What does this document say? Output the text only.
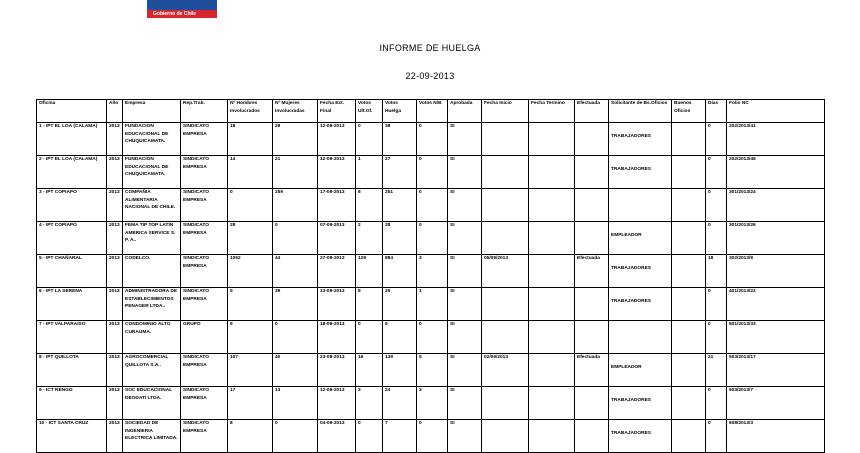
Gobierno de Chile
INFORME DE HUELGA
22-09-2013
Oficina	Año	Empresa	Rep.Trab.	Nº Hombres Involucrados	Nº Mujeres Involucradas	Fecha Ext. Final	Votos Ult.Of.	Votos Huelga	Votos N/B	Aprobada	Fecha Inicio	Fecha Termino	Efectuada	Solicitante de Bs.Oficios	Buenos Oficios	Días	Folio NC
1 - IPT EL LOA (CALAMA)	2013	FUNDACION EDUCACIONAL DE CHUQUICAMATA.	SINDICATO EMPRESA	18	28	12-09-2013	0	38	0	SI				TRABAJADORES		0	202/2013/41
2 - IPT EL LOA (CALAMA)	2013	FUNDACION EDUCACIONAL DE CHUQUICAMATA.	SINDICATO EMPRESA	14	21	12-09-2013	1	27	0	SI				TRABAJADORES		0	202/2013/45
3 - IPT COPIAPO	2013	COMPAÑIA ALIMENTARIA NACIONAL DE CHILE.	SINDICATO EMPRESA	0	259	17-09-2013	8	251	0	SI						0	301/2013/24
4 - IPT COPIAPO	2013	FEMA TIP TOP LATIN AMERICA SERVICE S. P. A..	SINDICATO EMPRESA	28	0	07-09-2013	2	28	0	SI				EMPLEADOR		0	301/2013/26
5 - IPT CHAÑARAL	2013	CODELCO.	SINDICATO EMPRESA	1052	44	27-08-2013	129	884	3	SI	05/09/2013		Efectuada	TRABAJADORES		18	302/2013/8
6 - IPT LA SERENA	2013	ADMINISTRADORA DE ESTABLECIMIENTOS PENAGER LTDA..	SINDICATO EMPRESA	5	39	13-09-2013	8	25	1	SI				TRABAJADORES		0	401/2013/22
7 - IPT VALPARAISO	2013	CONDOMINIO ALTO CURAUMA.	GRUPO	9	0	18-09-2013	0	9	0	SI						0	501/2013/33
8 - IPT QUILLOTA	2013	AGROCOMERCIAL QUILLOTA S.A..	SINDICATO EMPRESA	107	40	23-08-2013	16	139	5	SI	02/09/2013		Efectuada	EMPLEADOR		21	503/2013/17
9 - ICT RENGO	2013	SOC EDUCACIONAL DEODATI LTDA.	SINDICATO EMPRESA	17	13	12-09-2013	3	24	3	SI				TRABAJADORES		0	603/2013/7
10 - ICT SANTA CRUZ	2013	SOCIEDAD DE INGENIERIA ELECTRICA LIMITADA.	SINDICATO EMPRESA	8	0	04-09-2013	0	7	0	SI				TRABAJADORES		0	608/2013/3
